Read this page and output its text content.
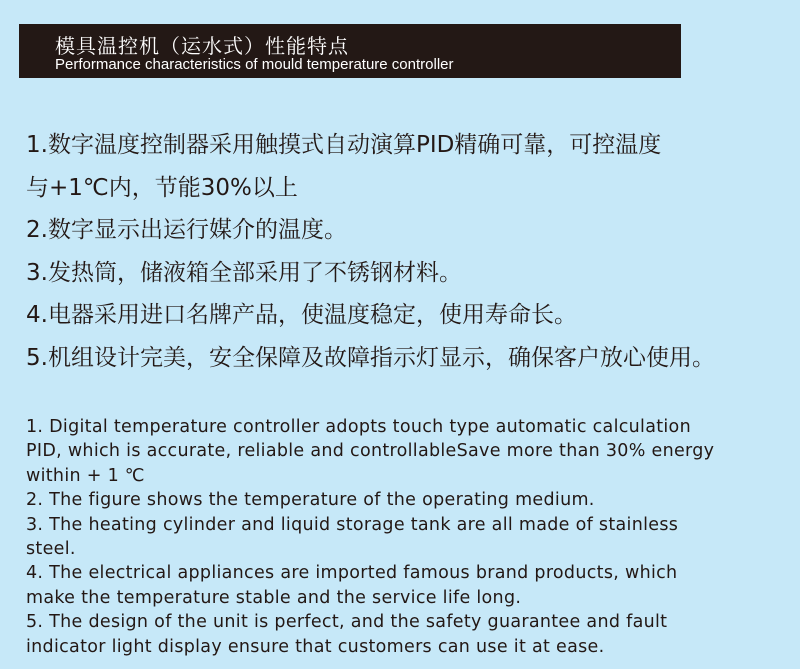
模具温控机（运水式）性能特点
Performance characteristics of mould temperature controller
1.数字温度控制器采用触摸式自动演算PID精确可靠，可控温度
与+1℃内，节能30%以上
2.数字显示出运行媒介的温度。
3.发热筒，储液箱全部采用了不锈钢材料。
4.电器采用进口名牌产品，使温度稳定，使用寿命长。
5.机组设计完美，安全保障及故障指示灯显示，确保客户放心使用。
1. Digital temperature controller adopts touch type automatic calculation
PID, which is accurate, reliable and controllableSave more than 30% energy
within + 1 ℃
2. The figure shows the temperature of the operating medium.
3. The heating cylinder and liquid storage tank are all made of stainless
steel.
4. The electrical appliances are imported famous brand products, which
make the temperature stable and the service life long.
5. The design of the unit is perfect, and the safety guarantee and fault
indicator light display ensure that customers can use it at ease.
